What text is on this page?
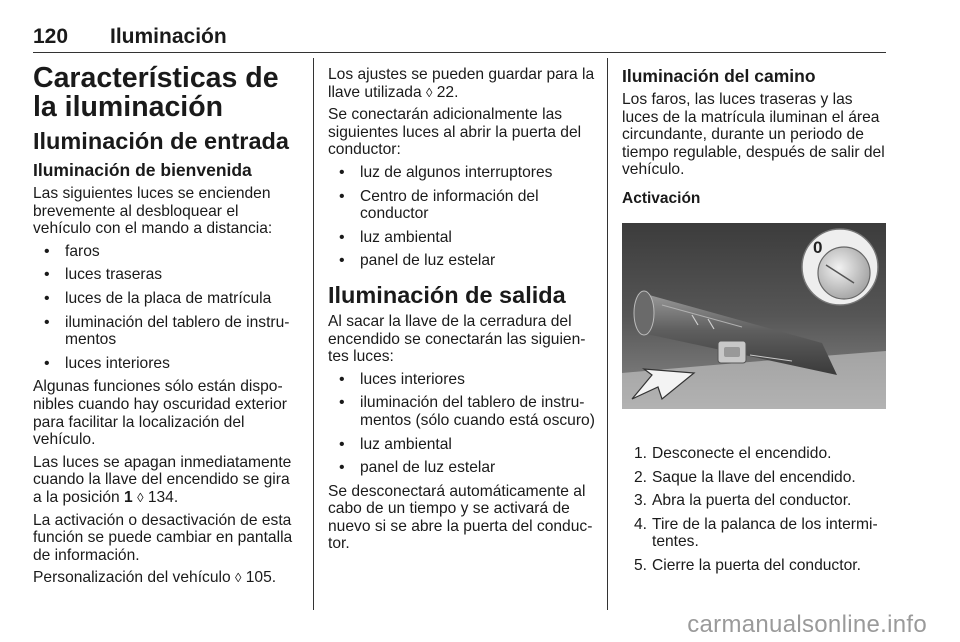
120 Iluminación
Características de la iluminación
Iluminación de entrada
Iluminación de bienvenida

Las siguientes luces se encienden brevemente al desbloquear el vehículo con el mando a distancia:

• faros
• luces traseras
• luces de la placa de matrícula
• iluminación del tablero de instru-mentos
• luces interiores

Algunas funciones sólo están dispo-nibles cuando hay oscuridad exterior para facilitar la localización del vehículo.

Las luces se apagan inmediatamente cuando la llave del encendido se gira a la posición 1 ◊ 134.

La activación o desactivación de esta función se puede cambiar en pantalla de información.

Personalización del vehículo ◊ 105.

Los ajustes se pueden guardar para la llave utilizada ◊ 22.

Se conectarán adicionalmente las siguientes luces al abrir la puerta del conductor:

• luz de algunos interruptores
• Centro de información del conductor
• luz ambiental
• panel de luz estelar
Iluminación de salida

Al sacar la llave de la cerradura del encendido se conectarán las siguien-tes luces:

• luces interiores
• iluminación del tablero de instru-mentos (sólo cuando está oscuro)
• luz ambiental
• panel de luz estelar

Se desconectará automáticamente al cabo de un tiempo y se activará de nuevo si se abre la puerta del conduc-tor.

Iluminación del camino

Los faros, las luces traseras y las luces de la matrícula iluminan el área circundante, durante un periodo de tiempo regulable, después de salir del vehículo.

Activación
0
1. Desconecte el encendido.
2. Saque la llave del encendido.
3. Abra la puerta del conductor.
4. Tire de la palanca de los intermi-tentes.
5. Cierre la puerta del conductor.
carmanualsonline.info
